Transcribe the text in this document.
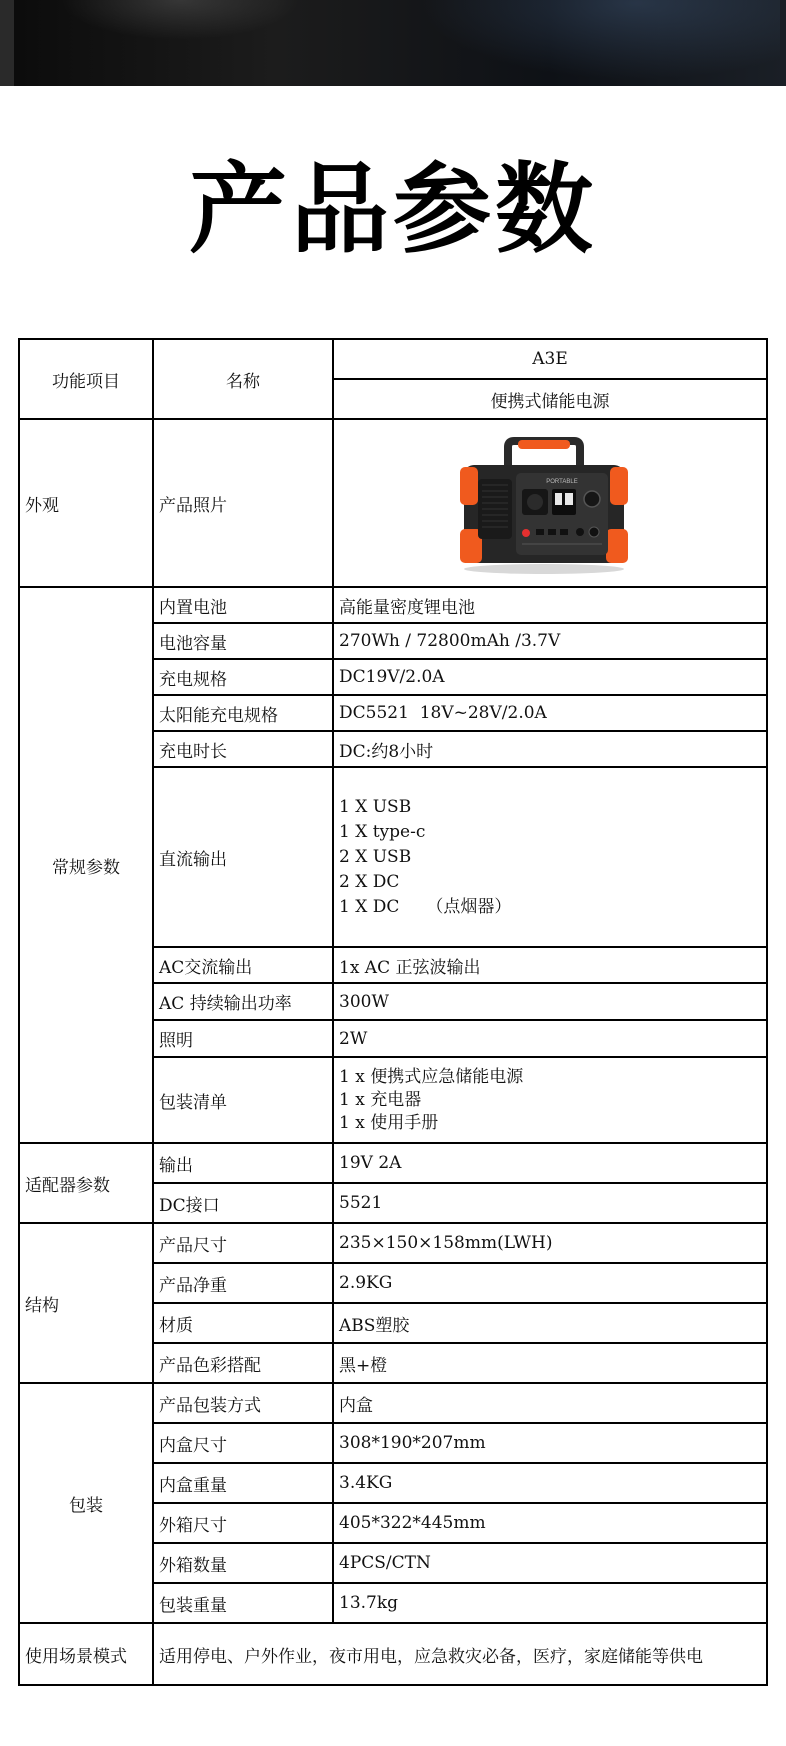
产品参数
功能项目	名称	A3E
		便携式储能电源
外观	产品照片	PORTABLE

常规参数	内置电池	高能量密度锂电池
	电池容量	270Wh / 72800mAh /3.7V
	充电规格	DC19V/2.0A
	太阳能充电规格	DC5521  18V~28V/2.0A
	充电时长	DC:约8小时
	直流输出	1 X USB
1 X type-c
2 X USB
2 X DC
1 X DC     （点烟器）
	AC交流输出	1x AC 正弦波输出
	AC 持续输出功率	300W
	照明	2W
	包装清单	1 x 便携式应急储能电源
1 x 充电器
1 x 使用手册
适配器参数	输出	19V 2A
	DC接口	5521
结构	产品尺寸	235×150×158mm(LWH)
	产品净重	2.9KG
	材质	ABS塑胶
	产品色彩搭配	黑+橙
包装	产品包装方式	内盒
	内盒尺寸	308*190*207mm
	内盒重量	3.4KG
	外箱尺寸	405*322*445mm
	外箱数量	4PCS/CTN
	包装重量	13.7kg
使用场景模式	适用停电、户外作业，夜市用电，应急救灾必备，医疗，家庭储能等供电	
